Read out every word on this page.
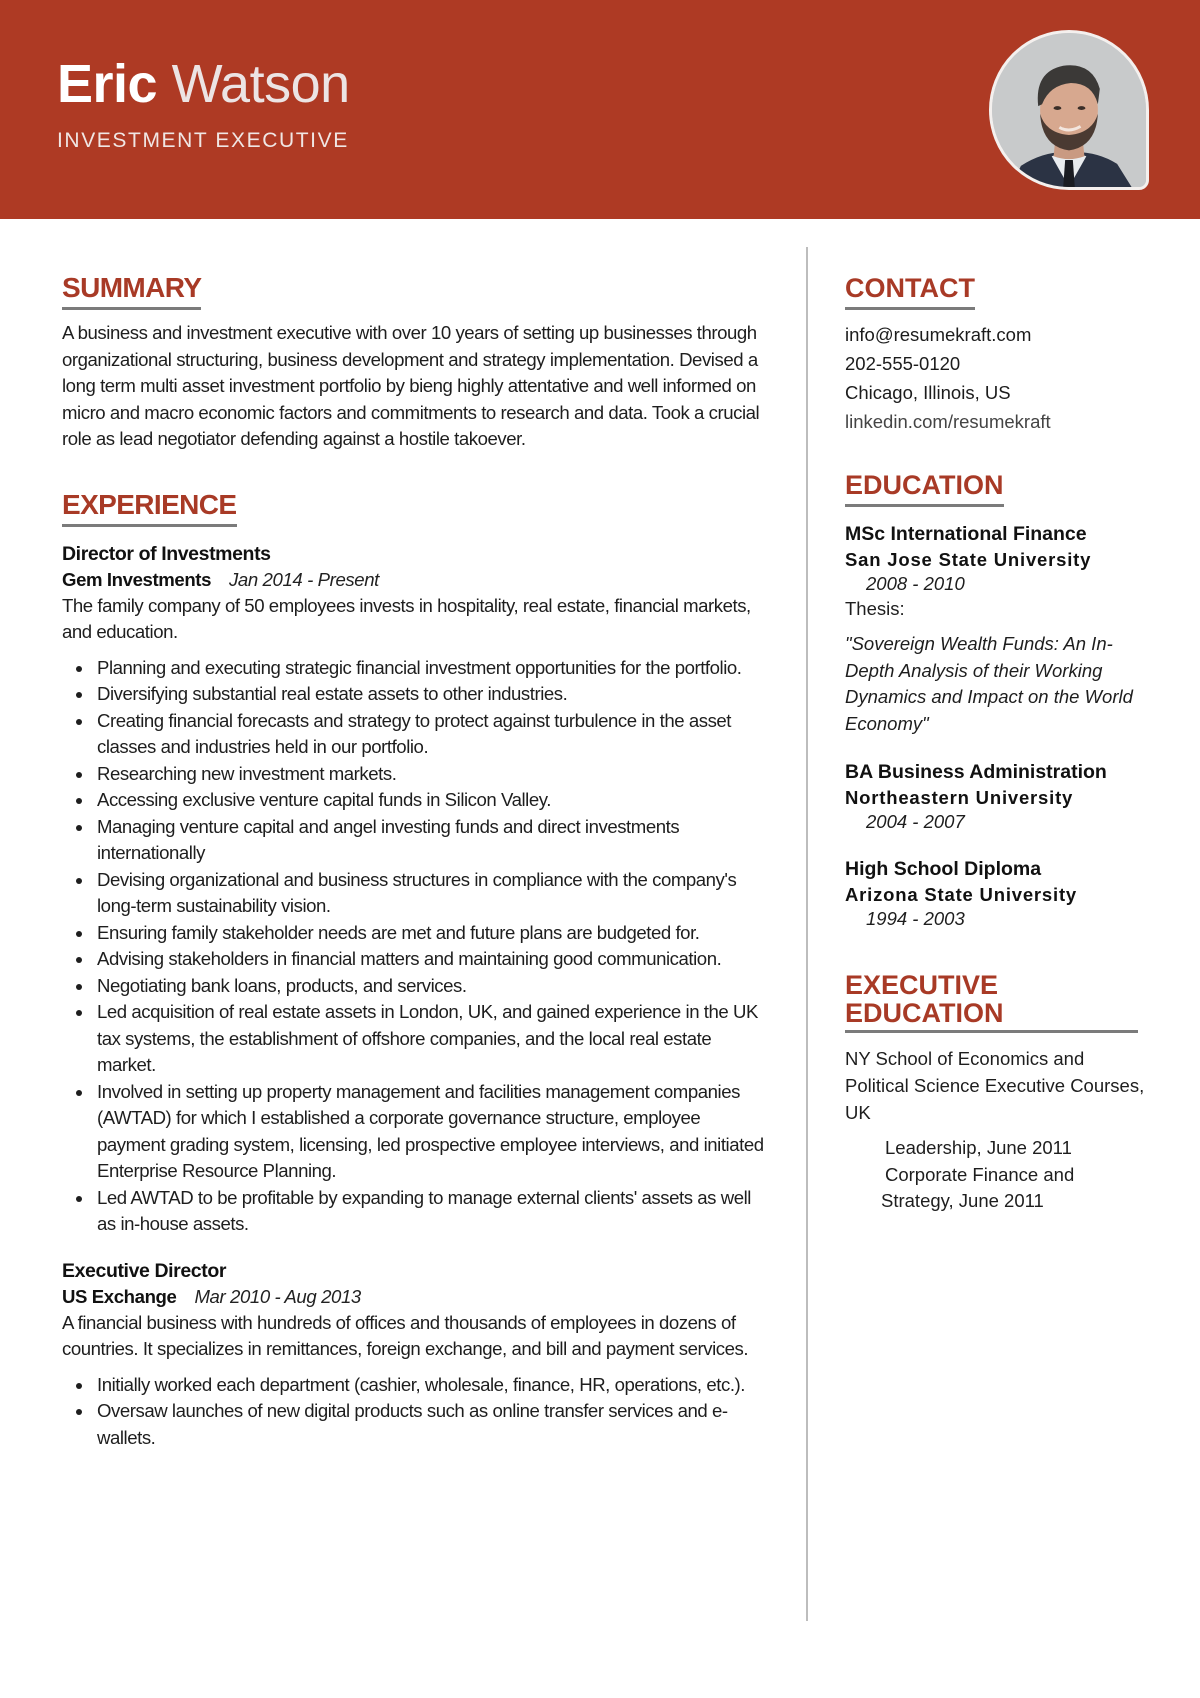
Eric Watson
INVESTMENT EXECUTIVE
SUMMARY

A business and investment executive with over 10 years of setting up businesses through organizational structuring, business development and strategy implementation. Devised a long term multi asset investment portfolio by bieng highly attentative and well informed on micro and macro economic factors and commitments to research and data. Took a crucial role as lead negotiator defending against a hostile takoever.

EXPERIENCE
Director of Investments
Gem Investments Jan 2014 - Present

The family company of 50 employees invests in hospitality, real estate, financial markets, and education.

Planning and executing strategic financial investment opportunities for the portfolio.
Diversifying substantial real estate assets to other industries.
Creating financial forecasts and strategy to protect against turbulence in the asset classes and industries held in our portfolio.
Researching new investment markets.
Accessing exclusive venture capital funds in Silicon Valley.
Managing venture capital and angel investing funds and direct investments internationally
Devising organizational and business structures in compliance with the company's long-term sustainability vision.
Ensuring family stakeholder needs are met and future plans are budgeted for.
Advising stakeholders in financial matters and maintaining good communication.
Negotiating bank loans, products, and services.
Led acquisition of real estate assets in London, UK, and gained experience in the UK tax systems, the establishment of offshore companies, and the local real estate market.
Involved in setting up property management and facilities management companies (AWTAD) for which I established a corporate governance structure, employee payment grading system, licensing, led prospective employee interviews, and initiated Enterprise Resource Planning.
Led AWTAD to be profitable by expanding to manage external clients' assets as well as in-house assets.
Executive Director
US Exchange Mar 2010 - Aug 2013

A financial business with hundreds of offices and thousands of employees in dozens of countries. It specializes in remittances, foreign exchange, and bill and payment services.

Initially worked each department (cashier, wholesale, finance, HR, operations, etc.).
Oversaw launches of new digital products such as online transfer services and e-wallets.
CONTACT
info@resumekraft.com
202-555-0120
Chicago, Illinois, US
linkedin.com/resumekraft
EDUCATION
MSc International Finance
San Jose State University
2008 - 2010
Thesis:
"Sovereign Wealth Funds: An In-Depth Analysis of their Working Dynamics and Impact on the World Economy"
BA Business Administration
Northeastern University
2004 - 2007
High School Diploma
Arizona State University
1994 - 2003
EXECUTIVE
EDUCATION
NY School of Economics and Political Science Executive Courses, UK
Leadership, June 2011
Corporate Finance and
Strategy, June 2011
